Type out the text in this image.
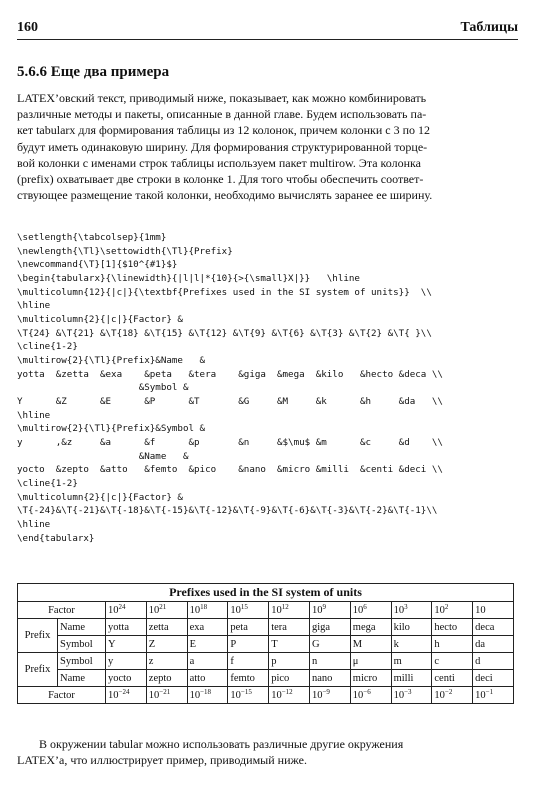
160	Таблицы
5.6.6 Еще два примера
LATEX’овский текст, приводимый ниже, показывает, как можно комбинировать
различные методы и пакеты, описанные в данной главе. Будем использовать па-
кет tabularx для формирования таблицы из 12 колонок, причем колонки с 3 по 12
будут иметь одинаковую ширину. Для формирования структурированной торце-
вой колонки с именами строк таблицы используем пакет multirow. Эта колонка
(prefix) охватывает две строки в колонке 1. Для того чтобы обеспечить соответ-
ствующее размещение такой колонки, необходимо вычислять заранее ее ширину.
\setlength{\tabcolsep}{1mm}
\newlength{\Tl}\settowidth{\Tl}{Prefix}
\newcommand{\T}[1]{$10^{#1}$}
\begin{tabularx}{\linewidth}{|l|l|*{10}{>{\small}X|}}   \hline
\multicolumn{12}{|c|}{\textbf{Prefixes used in the SI system of units}}  \\
\hline
\multicolumn{2}{|c|}{Factor} &
\T{24} &\T{21} &\T{18} &\T{15} &\T{12} &\T{9} &\T{6} &\T{3} &\T{2} &\T{ }\\
\cline{1-2}
\multirow{2}{\Tl}{Prefix}&Name   &
yotta  &zetta  &exa    &peta   &tera    &giga  &mega  &kilo   &hecto &deca \\
&Symbol &
Y      &Z      &E      &P      &T       &G     &M     &k      &h     &da   \\
\hline
\multirow{2}{\Tl}{Prefix}&Symbol &
y      ,&z     &a      &f      &p       &n     &$\mu$ &m      &c     &d    \\
&Name   &
yocto  &zepto  &atto   &femto  &pico    &nano  &micro &milli  &centi &deci \\
\cline{1-2}
\multicolumn{2}{|c|}{Factor} &
\T{-24}&\T{-21}&\T{-18}&\T{-15}&\T{-12}&\T{-9}&\T{-6}&\T{-3}&\T{-2}&\T{-1}\\
\hline
\end{tabularx}
Prefixes used in the SI system of units											
Factor		$10^{24}$	$10^{21}$	$10^{18}$	$10^{15}$	$10^{12}$	$10^9$	$10^6$	$10^3$	$10^2$	10
Prefix	Name	yotta	zetta	exa	peta	tera	giga	mega	kilo	hecto	deca
	Symbol	Y	Z	E	P	T	G	M	k	h	da
Prefix	Symbol	y	z	a	f	p	n	μ	m	c	d
	Name	yocto	zepto	atto	femto	pico	nano	micro	milli	centi	deci
Factor		$10^{-24}$	$10^{-21}$	$10^{-18}$	$10^{-15}$	$10^{-12}$	$10^{-9}$	$10^{-6}$	$10^{-3}$	$10^{-2}$	$10^{-1}$
В окружении tabular можно использовать различные другие окружения
LATEX’а, что иллюстрирует пример, приводимый ниже.
